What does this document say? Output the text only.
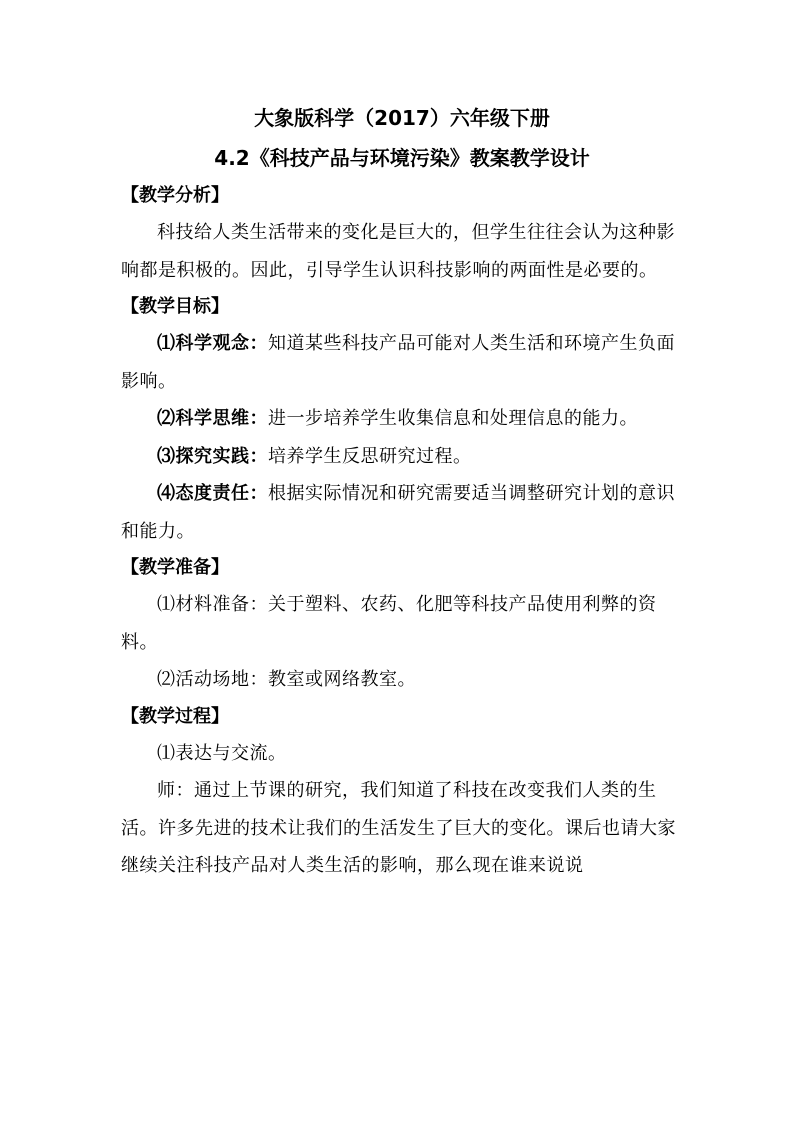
大象版科学（2017）六年级下册
4.2《科技产品与环境污染》教案教学设计
【教学分析】

科技给人类生活带来的变化是巨大的，但学生往往会认为这种影响都是积极的。因此，引导学生认识科技影响的两面性是必要的。

【教学目标】

⑴科学观念：知道某些科技产品可能对人类生活和环境产生负面影响。

⑵科学思维：进一步培养学生收集信息和处理信息的能力。

⑶探究实践：培养学生反思研究过程。

⑷态度责任：根据实际情况和研究需要适当调整研究计划的意识和能力。

【教学准备】

⑴材料准备：关于塑料、农药、化肥等科技产品使用利弊的资料。

⑵活动场地：教室或网络教室。

【教学过程】

⑴表达与交流。

师：通过上节课的研究，我们知道了科技在改变我们人类的生活。许多先进的技术让我们的生活发生了巨大的变化。课后也请大家继续关注科技产品对人类生活的影响，那么现在谁来说说
